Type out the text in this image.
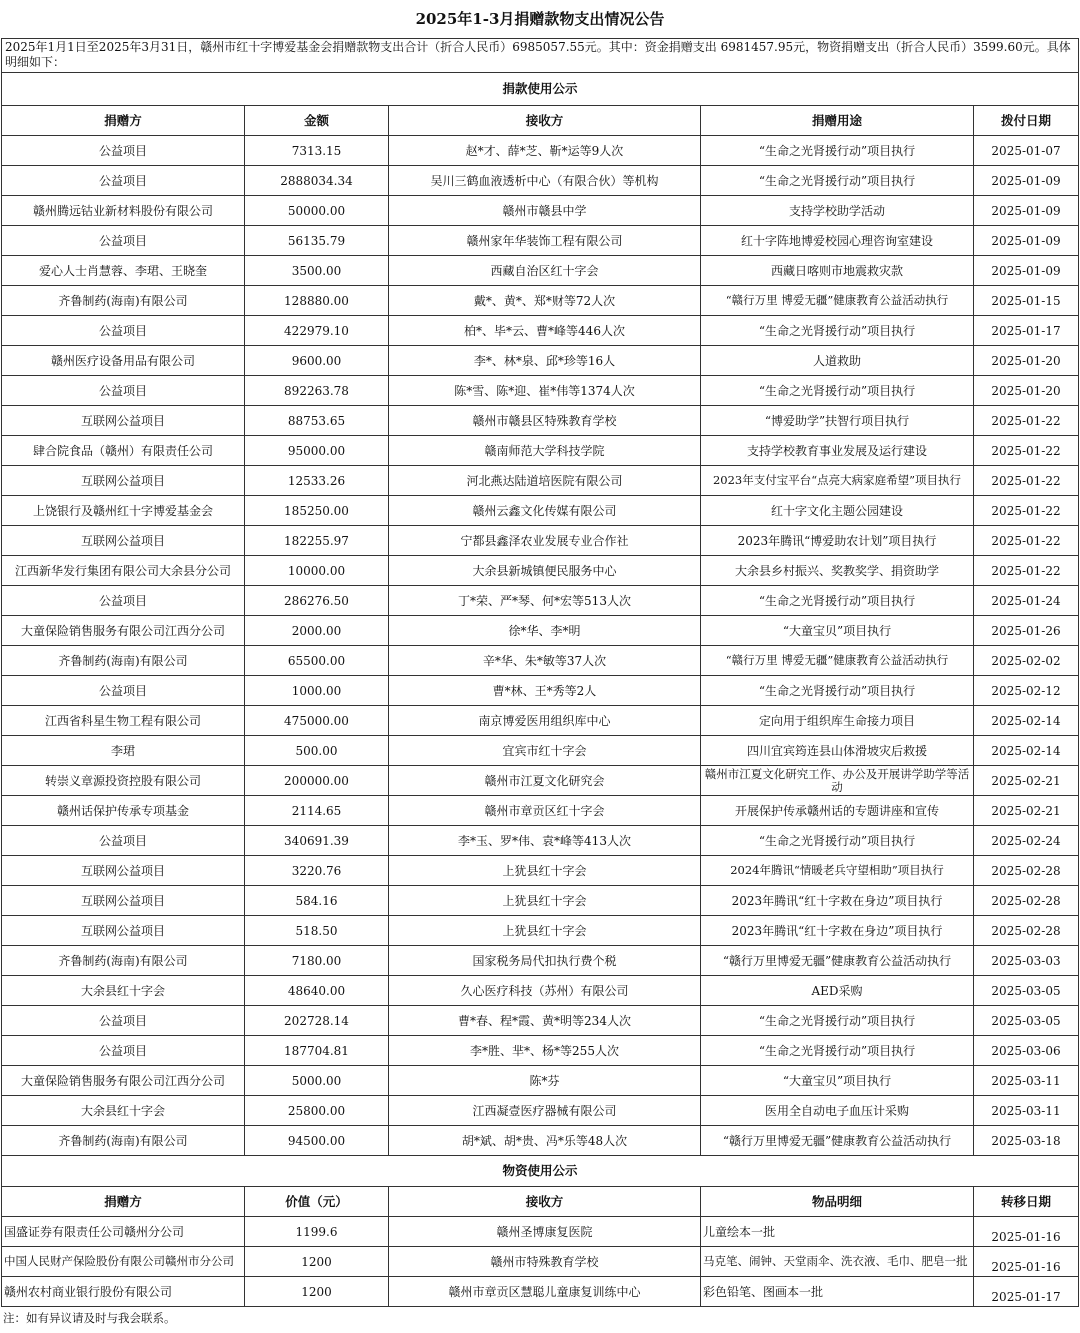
2025年1-3月捐赠款物支出情况公告
2025年1月1日至2025年3月31日，赣州市红十字博爱基金会捐赠款物支出合计（折合人民币）6985057.55元。其中：资金捐赠支出 6981457.95元，物资捐赠支出（折合人民币）3599.60元。具体明细如下：				
捐款使用公示				
捐赠方	金额	接收方	捐赠用途	拨付日期
公益项目	7313.15	赵*才、薛*芝、靳*运等9人次	“生命之光肾援行动”项目执行	2025-01-07
公益项目	2888034.34	吴川三鹤血液透析中心（有限合伙）等机构	“生命之光肾援行动”项目执行	2025-01-09
赣州腾远钴业新材料股份有限公司	50000.00	赣州市赣县中学	支持学校助学活动	2025-01-09
公益项目	56135.79	赣州家年华装饰工程有限公司	红十字阵地博爱校园心理咨询室建设	2025-01-09
爱心人士肖慧蓉、李珺、王晓奎	3500.00	西藏自治区红十字会	西藏日喀则市地震救灾款	2025-01-09
齐鲁制药(海南)有限公司	128880.00	戴*、黄*、郑*财等72人次	“赣行万里 博爱无疆”健康教育公益活动执行	2025-01-15
公益项目	422979.10	柏*、毕*云、曹*峰等446人次	“生命之光肾援行动”项目执行	2025-01-17
赣州医疗设备用品有限公司	9600.00	李*、林*泉、邱*珍等16人	人道救助	2025-01-20
公益项目	892263.78	陈*雪、陈*迎、崔*伟等1374人次	“生命之光肾援行动”项目执行	2025-01-20
互联网公益项目	88753.65	赣州市赣县区特殊教育学校	“博爱助学”扶智行项目执行	2025-01-22
肆合院食品（赣州）有限责任公司	95000.00	赣南师范大学科技学院	支持学校教育事业发展及运行建设	2025-01-22
互联网公益项目	12533.26	河北燕达陆道培医院有限公司	2023年支付宝平台“点亮大病家庭希望”项目执行	2025-01-22
上饶银行及赣州红十字博爱基金会	185250.00	赣州云鑫文化传媒有限公司	红十字文化主题公园建设	2025-01-22
互联网公益项目	182255.97	宁都县鑫泽农业发展专业合作社	2023年腾讯“博爱助农计划”项目执行	2025-01-22
江西新华发行集团有限公司大余县分公司	10000.00	大余县新城镇便民服务中心	大余县乡村振兴、奖教奖学、捐资助学	2025-01-22
公益项目	286276.50	丁*荣、严*琴、何*宏等513人次	“生命之光肾援行动”项目执行	2025-01-24
大童保险销售服务有限公司江西分公司	2000.00	徐*华、李*明	“大童宝贝”项目执行	2025-01-26
齐鲁制药(海南)有限公司	65500.00	辛*华、朱*敏等37人次	“赣行万里 博爱无疆”健康教育公益活动执行	2025-02-02
公益项目	1000.00	曹*林、王*秀等2人	“生命之光肾援行动”项目执行	2025-02-12
江西省科星生物工程有限公司	475000.00	南京博爱医用组织库中心	定向用于组织库生命接力项目	2025-02-14
李珺	500.00	宜宾市红十字会	四川宜宾筠连县山体滑坡灾后救援	2025-02-14
转崇义章源投资控股有限公司	200000.00	赣州市江夏文化研究会	赣州市江夏文化研究工作、办公及开展讲学助学等活动	2025-02-21
赣州话保护传承专项基金	2114.65	赣州市章贡区红十字会	开展保护传承赣州话的专题讲座和宣传	2025-02-21
公益项目	340691.39	李*玉、罗*伟、袁*峰等413人次	“生命之光肾援行动”项目执行	2025-02-24
互联网公益项目	3220.76	上犹县红十字会	2024年腾讯“情暖老兵守望相助”项目执行	2025-02-28
互联网公益项目	584.16	上犹县红十字会	2023年腾讯“红十字救在身边”项目执行	2025-02-28
互联网公益项目	518.50	上犹县红十字会	2023年腾讯“红十字救在身边”项目执行	2025-02-28
齐鲁制药(海南)有限公司	7180.00	国家税务局代扣执行费个税	“赣行万里博爱无疆”健康教育公益活动执行	2025-03-03
大余县红十字会	48640.00	久心医疗科技（苏州）有限公司	AED采购	2025-03-05
公益项目	202728.14	曹*春、程*霞、黄*明等234人次	“生命之光肾援行动”项目执行	2025-03-05
公益项目	187704.81	李*胜、芈*、杨*等255人次	“生命之光肾援行动”项目执行	2025-03-06
大童保险销售服务有限公司江西分公司	5000.00	陈*芬	“大童宝贝”项目执行	2025-03-11
大余县红十字会	25800.00	江西凝壹医疗器械有限公司	医用全自动电子血压计采购	2025-03-11
齐鲁制药(海南)有限公司	94500.00	胡*斌、胡*贵、冯*乐等48人次	“赣行万里博爱无疆”健康教育公益活动执行	2025-03-18
物资使用公示				
捐赠方	价值（元）	接收方	物品明细	转移日期
国盛证券有限责任公司赣州分公司	1199.6	赣州圣博康复医院	儿童绘本一批	2025-01-16
中国人民财产保险股份有限公司赣州市分公司	1200	赣州市特殊教育学校	马克笔、闹钟、天堂雨伞、洗衣液、毛巾、肥皂一批	2025-01-16
赣州农村商业银行股份有限公司	1200	赣州市章贡区慧聪儿童康复训练中心	彩色铅笔、图画本一批	2025-01-17
注：如有异议请及时与我会联系。
